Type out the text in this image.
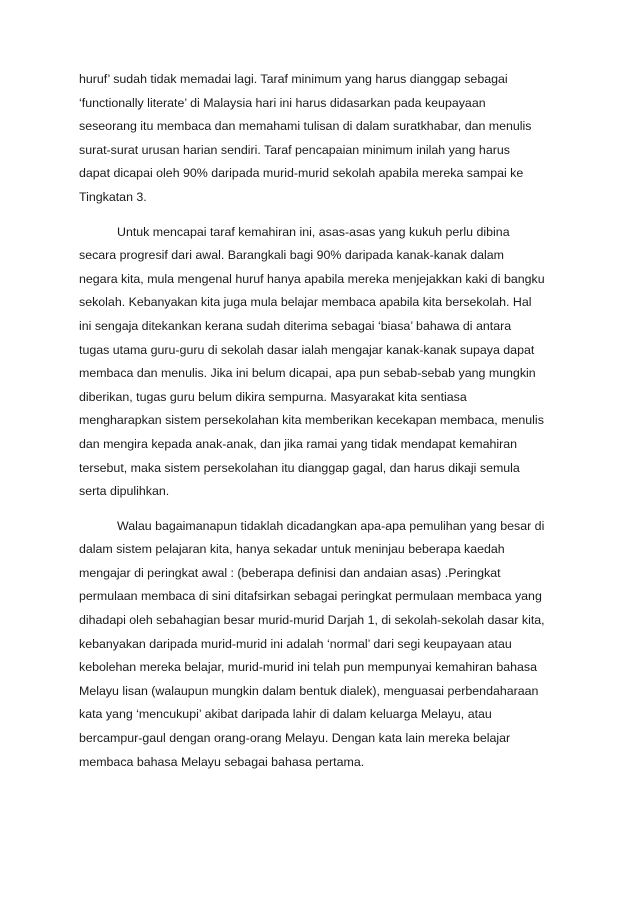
huruf’ sudah tidak memadai lagi. Taraf minimum yang harus dianggap sebagai
‘functionally literate’ di Malaysia hari ini harus didasarkan pada keupayaan
seseorang itu membaca dan memahami tulisan di dalam suratkhabar, dan menulis
surat-surat urusan harian sendiri. Taraf pencapaian minimum inilah yang harus
dapat dicapai oleh 90% daripada murid-murid sekolah apabila mereka sampai ke
Tingkatan 3.
Untuk mencapai taraf kemahiran ini, asas-asas yang kukuh perlu dibina
secara progresif dari awal. Barangkali bagi 90% daripada kanak-kanak dalam
negara kita, mula mengenal huruf hanya apabila mereka menjejakkan kaki di bangku
sekolah. Kebanyakan kita juga mula belajar membaca apabila kita bersekolah. Hal
ini sengaja ditekankan kerana sudah diterima sebagai ‘biasa’ bahawa di antara
tugas utama guru-guru di sekolah dasar ialah mengajar kanak-kanak supaya dapat
membaca dan menulis. Jika ini belum dicapai, apa pun sebab-sebab yang mungkin
diberikan, tugas guru belum dikira sempurna. Masyarakat kita sentiasa
mengharapkan sistem persekolahan kita memberikan kecekapan membaca, menulis
dan mengira kepada anak-anak, dan jika ramai yang tidak mendapat kemahiran
tersebut, maka sistem persekolahan itu dianggap gagal, dan harus dikaji semula
serta dipulihkan.
Walau bagaimanapun tidaklah dicadangkan apa-apa pemulihan yang besar di
dalam sistem pelajaran kita, hanya sekadar untuk meninjau beberapa kaedah
mengajar di peringkat awal : (beberapa definisi dan andaian asas) .Peringkat
permulaan membaca di sini ditafsirkan sebagai peringkat permulaan membaca yang
dihadapi oleh sebahagian besar murid-murid Darjah 1, di sekolah-sekolah dasar kita,
kebanyakan daripada murid-murid ini adalah ‘normal’ dari segi keupayaan atau
kebolehan mereka belajar, murid-murid ini telah pun mempunyai kemahiran bahasa
Melayu lisan (walaupun mungkin dalam bentuk dialek), menguasai perbendaharaan
kata yang ‘mencukupi’ akibat daripada lahir di dalam keluarga Melayu, atau
bercampur-gaul dengan orang-orang Melayu. Dengan kata lain mereka belajar
membaca bahasa Melayu sebagai bahasa pertama.
